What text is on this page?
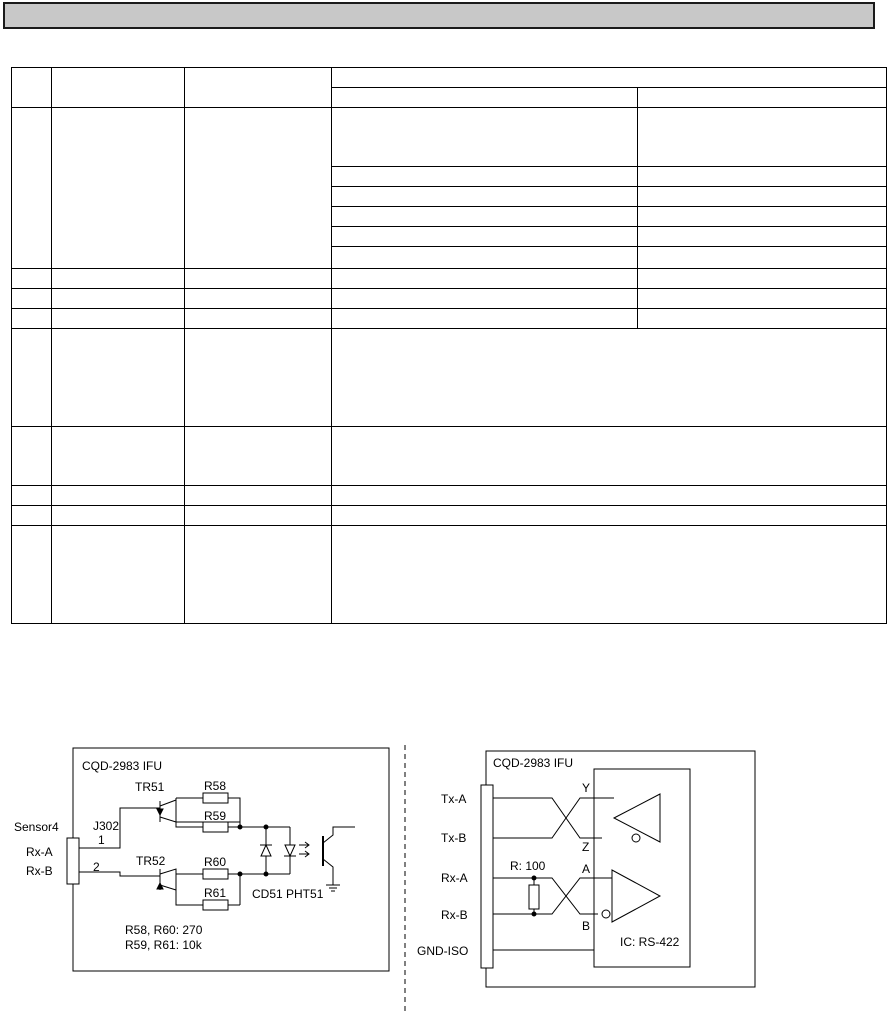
CQD-2983 IFU
Sensor4	J302
1
2
Rx-A
Rx-B
TR51
TR52
R58
R59
R60
R61 CD51 PHT51
R58, R60: 270
R59, R61: 10k
CQD-2983 IFU
Tx-A
Tx-B
Rx-A
Rx-B
GND-ISO
R: 100
Y
Z
A
B
IC: RS-422
